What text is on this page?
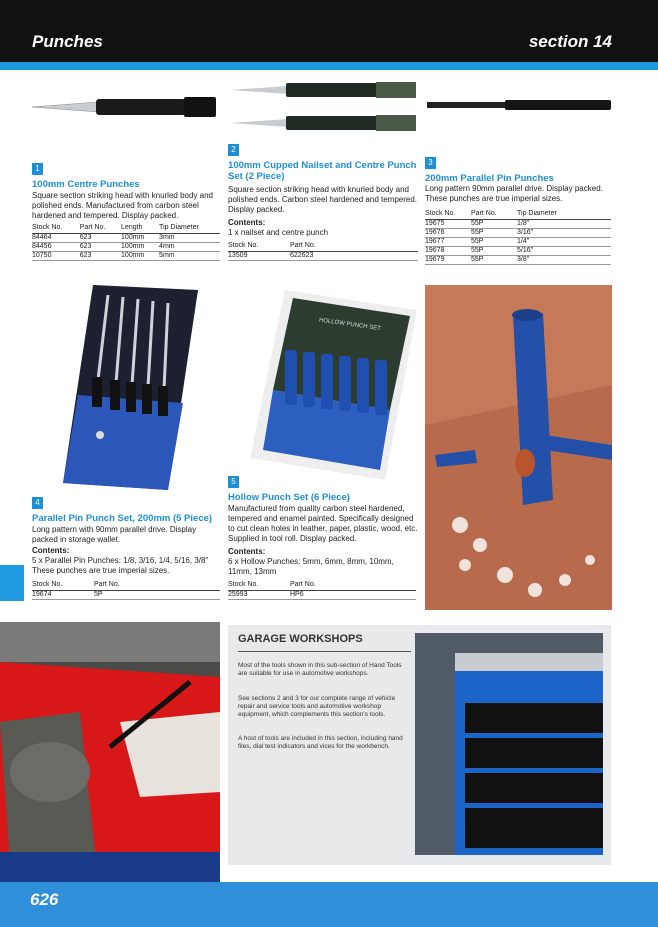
Punches	section 14
1
100mm Centre Punches
Square section striking head with knurled body and polished ends. Manufactured from carbon steel hardened and tempered. Display packed.
Stock No.	Part No.	Length	Tip Diameter
84464	623	100mm	3mm
84456	623	100mm	4mm
10750	623	100mm	5mm
2
100mm Cupped Nailset and Centre Punch Set (2 Piece)
Square section striking head with knurled body and polished ends. Carbon steel hardened and tempered. Display packed.
Contents:
1 x nailset and centre punch
Stock No.	Part No.
13509	622623
3
200mm Parallel Pin Punches
Long pattern 90mm parallel drive. Display packed. These punches are true imperial sizes.
Stock No.	Part No.	Tip Diameter
19675	55P	1/8"
19676	55P	3/16"
19677	55P	1/4"
19678	55P	5/16"
19679	55P	3/8"
HOLLOW PUNCH SET
4
Parallel Pin Punch Set, 200mm (5 Piece)
Long pattern with 90mm parallel drive. Display packed in storage wallet.
Contents:
5 x Parallel Pin Punches: 1/8, 3/16, 1/4, 5/16, 3/8" These punches are true imperial sizes.
Stock No.	Part No.
19674	5P
5
Hollow Punch Set (6 Piece)
Manufactured from quality carbon steel hardened, tempered and enamel painted. Specifically designed to cut clean holes in leather, paper, plastic, wood, etc. Supplied in tool roll. Display packed.
Contents:
6 x Hollow Punches: 5mm, 6mm, 8mm, 10mm, 11mm, 13mm
Stock No.	Part No.
25993	HP6
GARAGE WORKSHOPS
Most of the tools shown in this sub-section of Hand Tools are suitable for use in automotive workshops.
See sections 2 and 3 for our complete range of vehicle repair and service tools and automotive workshop equipment, which complements this section's tools.
A host of tools are included in this section, including hand files, dial test indicators and vices for the workbench.
626
